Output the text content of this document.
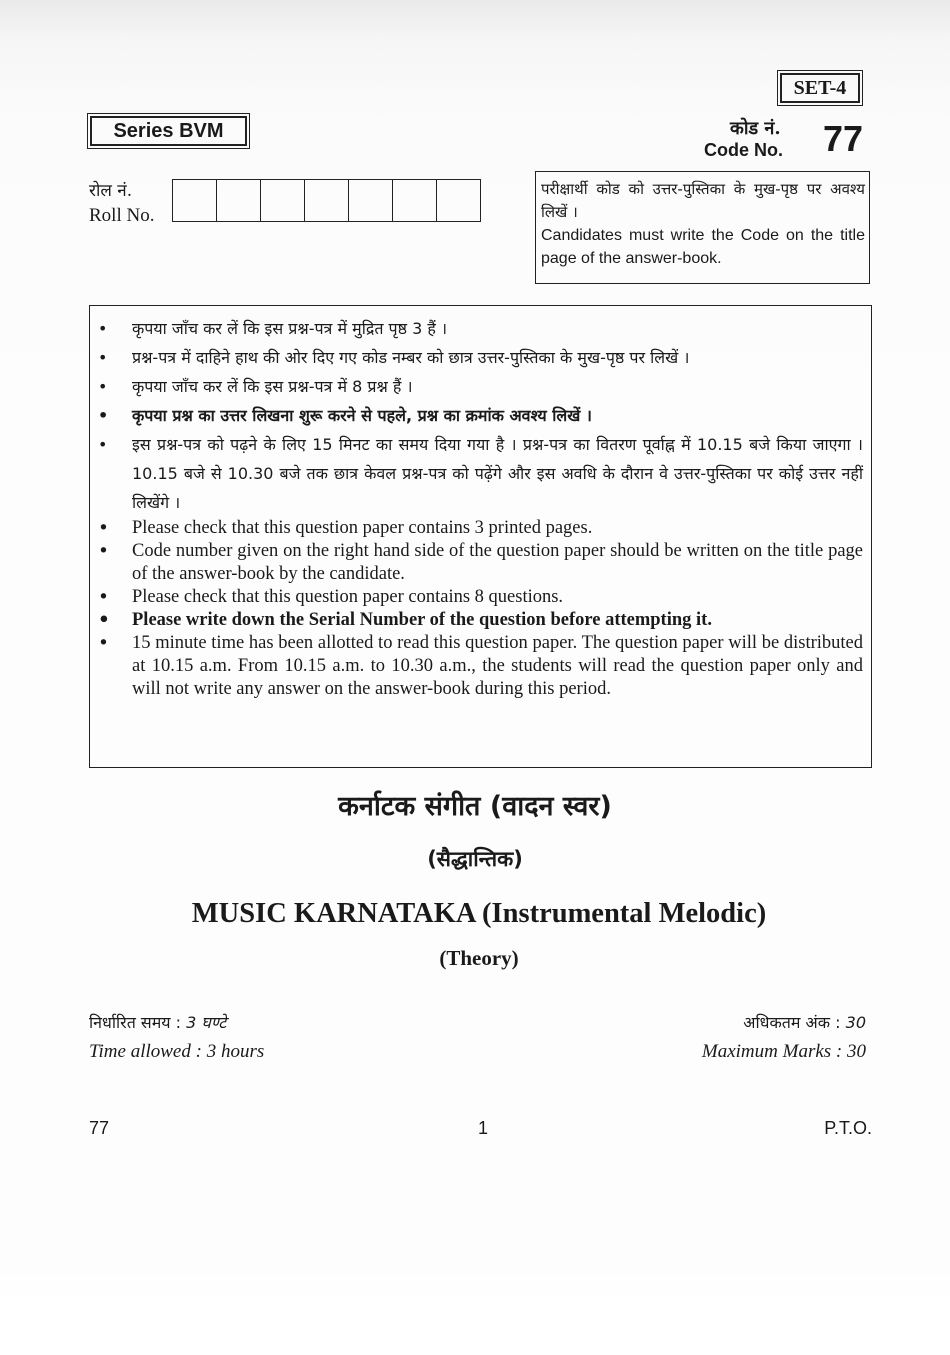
SET-4
Series BVM	कोड नं.
Code No. 77
रोल नं.
Roll No.
परीक्षार्थी कोड को उत्तर-पुस्तिका के मुख-पृष्ठ पर अवश्य लिखें ।
Candidates must write the Code on the title page of the answer-book.
• कृपया जाँच कर लें कि इस प्रश्न-पत्र में मुद्रित पृष्ठ 3 हैं ।
• प्रश्न-पत्र में दाहिने हाथ की ओर दिए गए कोड नम्बर को छात्र उत्तर-पुस्तिका के मुख-पृष्ठ पर लिखें ।
• कृपया जाँच कर लें कि इस प्रश्न-पत्र में 8 प्रश्न हैं ।
• कृपया प्रश्न का उत्तर लिखना शुरू करने से पहले, प्रश्न का क्रमांक अवश्य लिखें ।
• इस प्रश्न-पत्र को पढ़ने के लिए 15 मिनट का समय दिया गया है । प्रश्न-पत्र का वितरण पूर्वाह्न में 10.15 बजे किया जाएगा । 10.15 बजे से 10.30 बजे तक छात्र केवल प्रश्न-पत्र को पढ़ेंगे और इस अवधि के दौरान वे उत्तर-पुस्तिका पर कोई उत्तर नहीं लिखेंगे ।
• Please check that this question paper contains 3 printed pages.
• Code number given on the right hand side of the question paper should be written on the title page of the answer-book by the candidate.
• Please check that this question paper contains 8 questions.
• Please write down the Serial Number of the question before attempting it.
• 15 minute time has been allotted to read this question paper. The question paper will be distributed at 10.15 a.m. From 10.15 a.m. to 10.30 a.m., the students will read the question paper only and will not write any answer on the answer-book during this period.
कर्नाटक संगीत (वादन स्वर)
(सैद्धान्तिक)
MUSIC KARNATAKA (Instrumental Melodic)
(Theory)
निर्धारित समय : 3 घण्टे
Time allowed : 3 hours
अधिकतम अंक : 30
Maximum Marks : 30
77	1	P.T.O.
